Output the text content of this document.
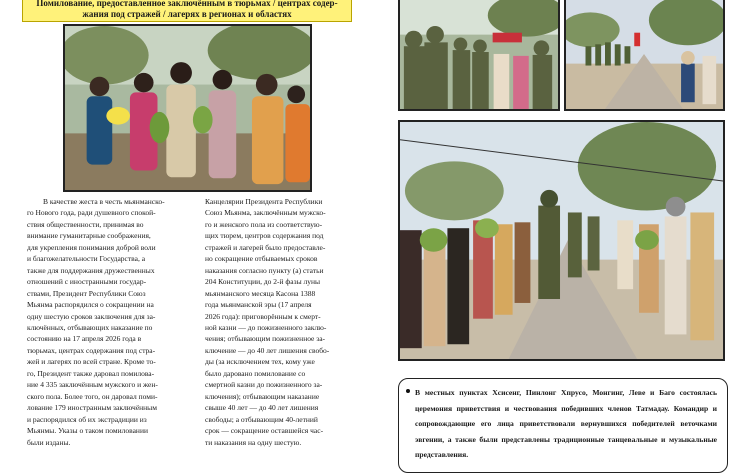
Помилование, предоставленное заключённым в тюрьмах / центрах содер-
жания под стражей / лагерях в регионах и областях

В качестве жеста в честь мьянманско-
го Нового года, ради душевного спокой-
ствия общественности, принимая во
внимание гуманитарные соображения,
для укрепления понимания доброй воли
и благожелательности Государства, а
также для поддержания дружественных
отношений с иностранными государ-
ствами, Президент Республики Союз
Мьянма распорядился о сокращении на
одну шестую сроков заключения для за-
ключённых, отбывающих наказание по
состоянию на 17 апреля 2026 года в
тюрьмах, центрах содержания под стра-
жей и лагерях по всей стране. Кроме то-
го, Президент также даровал помилова-
ние 4 335 заключённым мужского и жен-
ского пола. Более того, он даровал поми-
лование 179 иностранным заключённым
и распорядился об их экстрадиции из
Мьянмы. Указы о таком помиловании
были изданы.

Канцелярии Президента Республики
Союз Мьянма, заключённым мужско-
го и женского пола из соответствую-
щих тюрем, центров содержания под
стражей и лагерей было предоставле-
но сокращение отбываемых сроков
наказания согласно пункту (a) статьи
204 Конституции, до 2-й фазы луны
мьянманского месяца Касона 1388
года мьянманской эры (17 апреля
2026 года): приговорённым к смерт-
ной казни — до пожизненного заклю-
чения; отбывающим пожизненное за-
ключение — до 40 лет лишения свобо-
ды (за исключением тех, кому уже
было даровано помилование со
смертной казни до пожизненного за-
ключения); отбывающим наказание
свыше 40 лет — до 40 лет лишения
свободы; а отбывающим 40-летний
срок — сокращение оставшейся час-
ти наказания на одну шестую.

В местных пунктах Хсисенг, Пинлонг Хпрусо, Монгинг, Леве и Баго состоялась церемония приветствия и чествования победивших членов Татмадау. Командир и сопровождающие его лица приветствовали вернувшихся победителей веточками эвгении, а также были представлены традиционные танцевальные и музыкальные представления.
